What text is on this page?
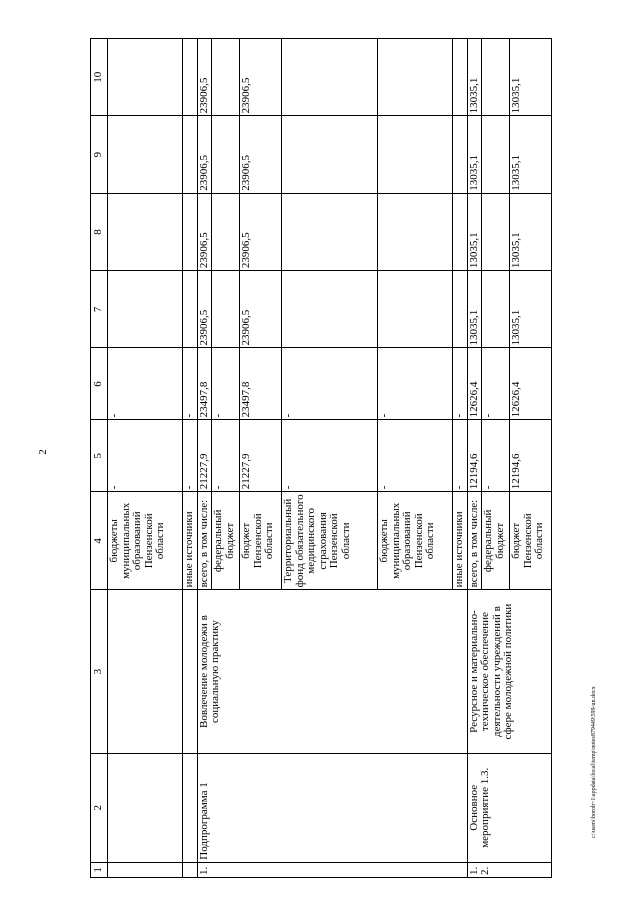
2
1	2	3	4	5	6	7	8	9	10
			бюджеты муниципальных образований Пензенской области	-	-				
			иные источники	-	-				
1.	Подпрограмма 1	Вовлечение молодежи в социальную практику	всего, в том числе:	21227,9	23497,8	23906,5	23906,5	23906,5	23906,5
			федеральный бюджет	-	-				
			бюджет Пензенской области	21227,9	23497,8	23906,5	23906,5	23906,5	23906,5
			Территориальный фонд обязательного медицинского страхования Пензенской области	-	-				
			бюджеты муниципальных образований Пензенской области	-	-				
			иные источники	-	-				
1.2.	Основное мероприятие 1.3.	Ресурсное и материально-техническое обеспечение деятельности учреждений в сфере молодежной политики	всего, в том числе:	12194,6	12626,4	13035,1	13035,1	13035,1	13035,1
			федеральный бюджет	-	-				
			бюджет Пензенской области	12194,6	12626,4	13035,1	13035,1	13035,1	13035,1
c:\users\borob~1\appdata\local\temp\notes879449\599-un.docx
